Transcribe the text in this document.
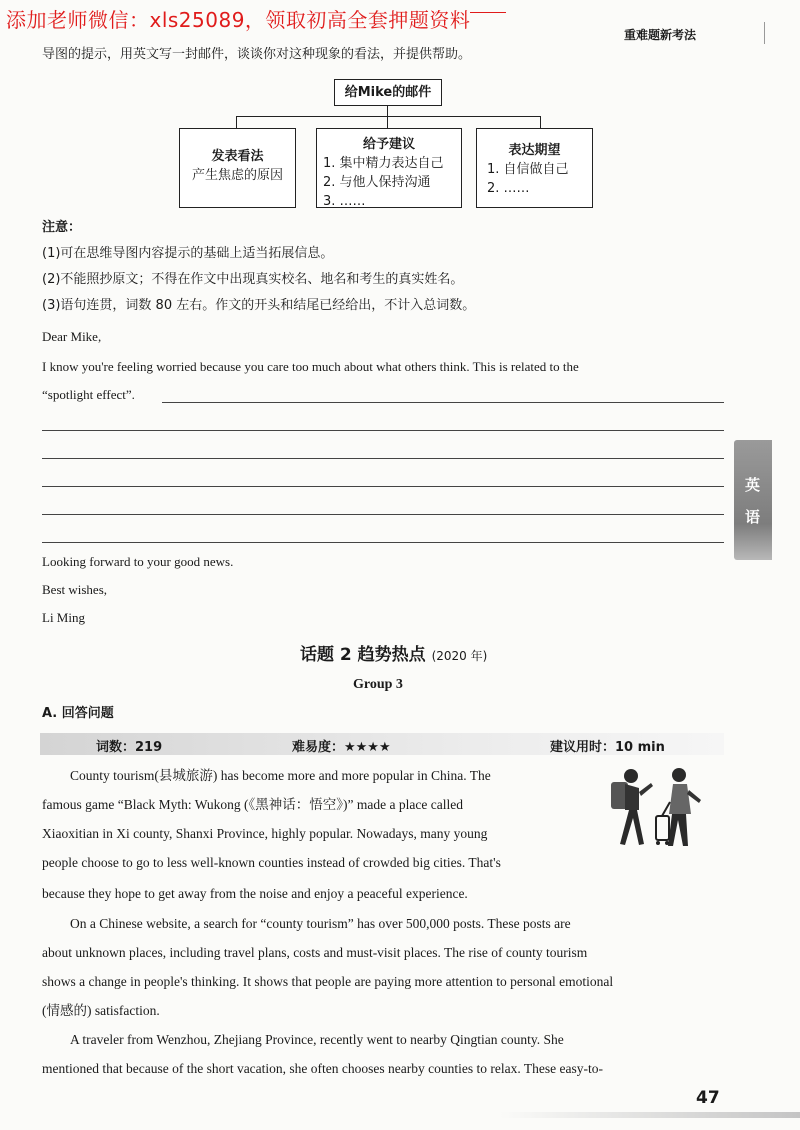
添加老师微信：xls25089，领取初高全套押题资料
重难题新考法
导图的提示，用英文写一封邮件，谈谈你对这种现象的看法，并提供帮助。
给Mike的邮件
发表看法
产生焦虑的原因
给予建议
1. 集中精力表达自己
2. 与他人保持沟通
3. ……
表达期望
1. 自信做自己
2. ……
注意：
(1)可在思维导图内容提示的基础上适当拓展信息。
(2)不能照抄原文；不得在作文中出现真实校名、地名和考生的真实姓名。
(3)语句连贯，词数 80 左右。作文的开头和结尾已经给出，不计入总词数。
Dear Mike,
I know you're feeling worried because you care too much about what others think. This is related to the
“spotlight effect”.
Looking forward to your good news.
Best wishes,
Li Ming
英
语
话题 2 趋势热点 (2020 年)
Group 3
A. 回答问题
词数：219	难易度：★★★★	建议用时：10 min
County tourism(县城旅游) has become more and more popular in China. The
famous game “Black Myth: Wukong (《黑神话：悟空》)” made a place called
Xiaoxitian in Xi county, Shanxi Province, highly popular. Nowadays, many young
people choose to go to less well-known counties instead of crowded big cities. That's
because they hope to get away from the noise and enjoy a peaceful experience.
On a Chinese website, a search for “county tourism” has over 500,000 posts. These posts are
about unknown places, including travel plans, costs and must-visit places. The rise of county tourism
shows a change in people's thinking. It shows that people are paying more attention to personal emotional
(情感的) satisfaction.
A traveler from Wenzhou, Zhejiang Province, recently went to nearby Qingtian county. She
mentioned that because of the short vacation, she often chooses nearby counties to relax. These easy-to-
47
